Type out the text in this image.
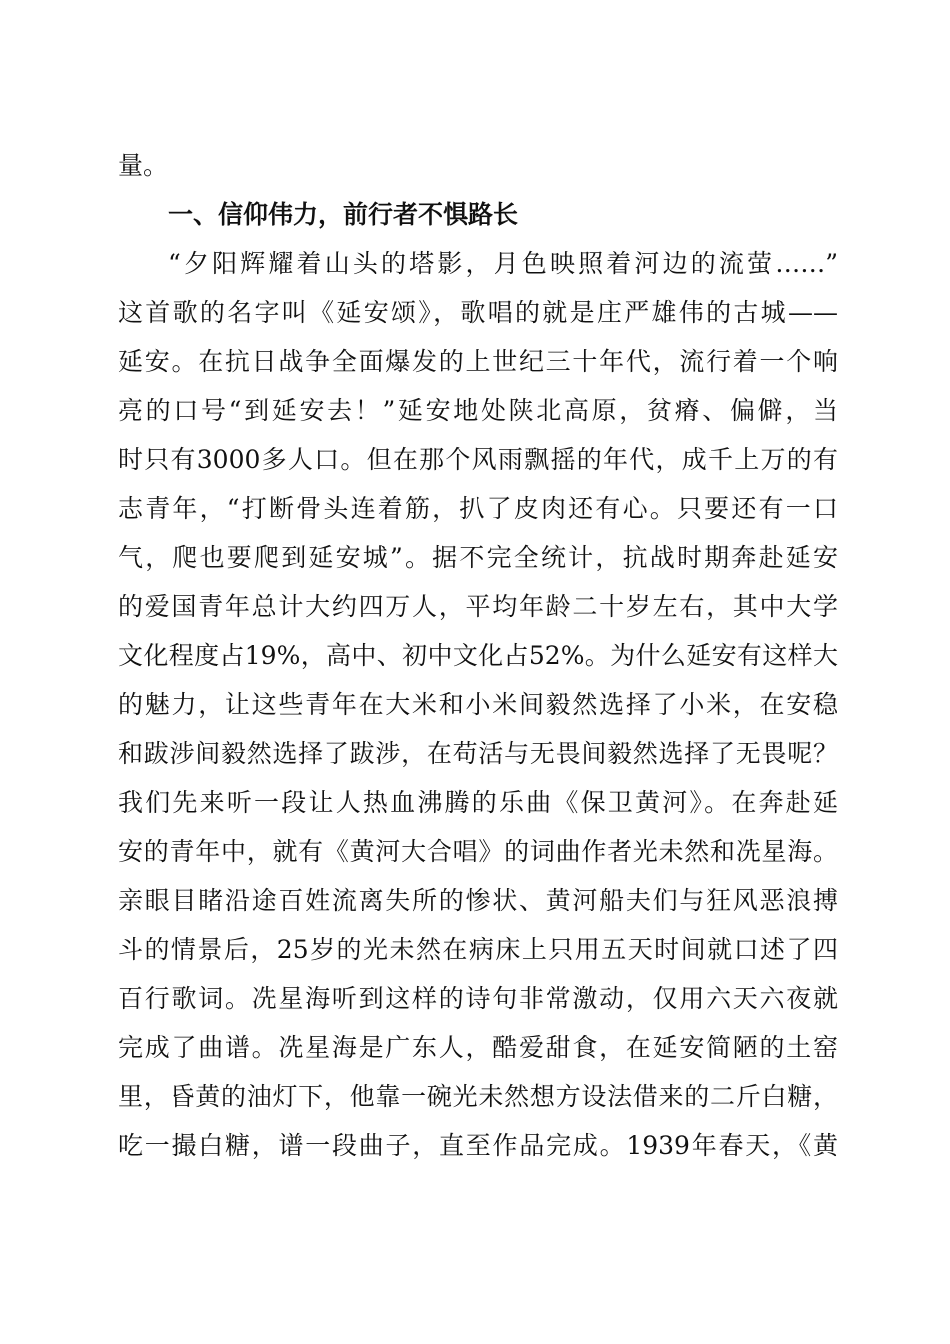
量。

一、信仰伟力，前行者不惧路长

“夕阳辉耀着山头的塔影，月色映照着河边的流萤……”

这首歌的名字叫《延安颂》，歌唱的就是庄严雄伟的古城——

延安。在抗日战争全面爆发的上世纪三十年代，流行着一个响

亮的口号“到延安去！”延安地处陕北高原，贫瘠、偏僻，当

时只有3000多人口。但在那个风雨飘摇的年代，成千上万的有

志青年，“打断骨头连着筋，扒了皮肉还有心。只要还有一口

气，爬也要爬到延安城”。据不完全统计，抗战时期奔赴延安

的爱国青年总计大约四万人，平均年龄二十岁左右，其中大学

文化程度占19%，高中、初中文化占52%。为什么延安有这样大

的魅力，让这些青年在大米和小米间毅然选择了小米，在安稳

和跋涉间毅然选择了跋涉，在苟活与无畏间毅然选择了无畏呢？

我们先来听一段让人热血沸腾的乐曲《保卫黄河》。在奔赴延

安的青年中，就有《黄河大合唱》的词曲作者光未然和冼星海。

亲眼目睹沿途百姓流离失所的惨状、黄河船夫们与狂风恶浪搏

斗的情景后，25岁的光未然在病床上只用五天时间就口述了四

百行歌词。冼星海听到这样的诗句非常激动，仅用六天六夜就

完成了曲谱。冼星海是广东人，酷爱甜食，在延安简陋的土窑

里，昏黄的油灯下，他靠一碗光未然想方设法借来的二斤白糖，

吃一撮白糖，谱一段曲子，直至作品完成。1939年春天，《黄
